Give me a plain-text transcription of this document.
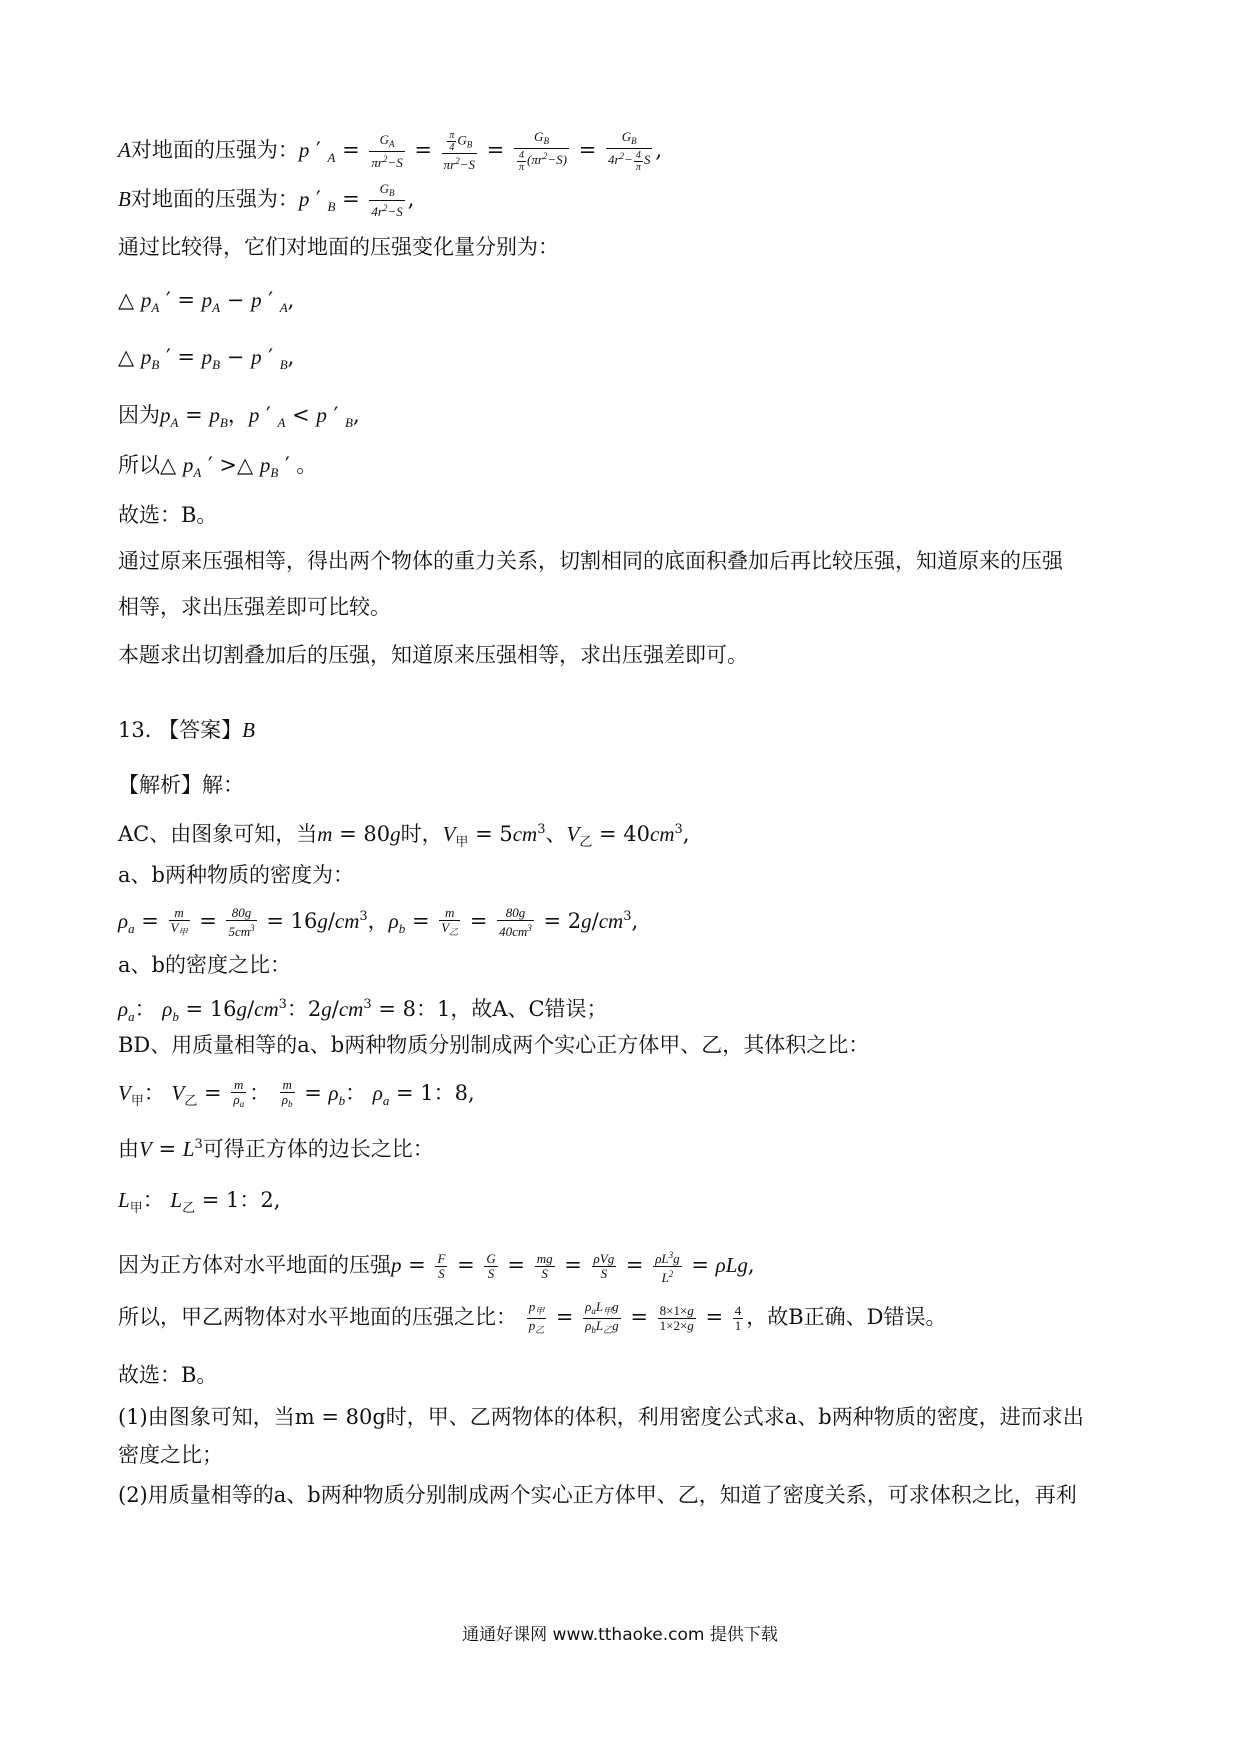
A对地面的压强为：p ′ $_A = \frac{G_A}{\pi r^2-S} = \frac{\frac{\pi}{4} G_B}{\pi r^2-S} = \frac{G_B}{\frac{4}{\pi} (\pi r^2-S)} = \frac{G_B}{4r^2- \frac{4}{\pi} S}$ ,
B对地面的压强为：p ′ $_B = \frac{G_B}{4r^2-S}$ ,
通过比较得，它们对地面的压强变化量分别为：
△ $p_A$ ′ = $p_A - p$ ′ $_A$,
△ $p_B$ ′ = $p_B - p$ ′ $_B$,
因为$p_A = p_B$，p ′ $_A$ < p ′ $_B$,
所以△ $p_A$ ′ >△ $p_B$ ′ 。
故选：B。
通过原来压强相等，得出两个物体的重力关系，切割相同的底面积叠加后再比较压强，知道原来的压强
相等，求出压强差即可比较。
本题求出切割叠加后的压强，知道原来压强相等，求出压强差即可。
13. 【答案】B
【解析】解：
AC、由图象可知，当m = 80g时，$V_甲 = 5cm^3$、$V_乙 = 40cm^3$,
a、b两种物质的密度为：
$\rho_a = \frac{m}{V_甲} = \frac{80g}{5cm^3} = 16g/cm^3$，$\rho_b = \frac{m}{V_乙} = \frac{80g}{40cm^3} = 2g/cm^3$,
a、b的密度之比：
$\rho_a$： $\rho_b = 16g/cm^3$：$2g/cm^3 = 8$：1，故A、C错误；
BD、用质量相等的a、b两种物质分别制成两个实心正方体甲、乙，其体积之比：
$V_甲$： $V_乙 = \frac{m}{\rho_a}$ ： $\frac{m}{\rho_b} = \rho_b$： $\rho_a = 1$：8,
由$V = L^3$可得正方体的边长之比：
$L_甲$： $L_乙 = 1$：2,
因为正方体对水平地面的压强$p = \frac{F}{S} = \frac{G}{S} = \frac{mg}{S} = \frac{\text{ρVg}}{S} = \frac{\rho L^3g}{L^2} = \rho Lg$,
所以，甲乙两物体对水平地面的压强之比： $\frac{p_甲}{p_乙} = \frac{\rho_aL_甲g}{\rho_bL_乙g} = \frac{8\times 1\times g}{1\times 2\times g} = \frac{4}{1}$ ，故B正确、D错误。
故选：B。
(1)由图象可知，当m = 80g时，甲、乙两物体的体积，利用密度公式求a、b两种物质的密度，进而求出
密度之比；
(2)用质量相等的a、b两种物质分别制成两个实心正方体甲、乙，知道了密度关系，可求体积之比，再利
通通好课网 www.tthaoke.com 提供下载
